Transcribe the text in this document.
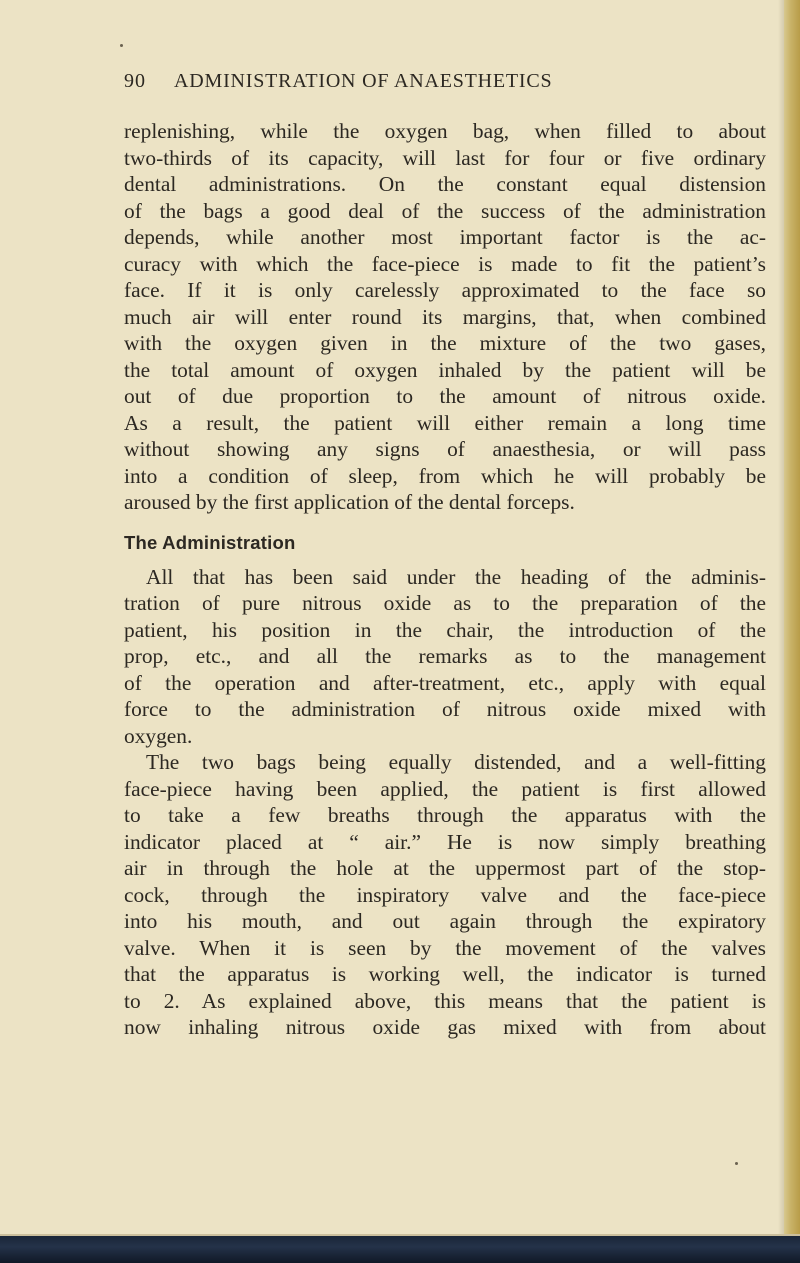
90 ADMINISTRATION OF ANAESTHETICS
replenishing, while the oxygen bag, when filled to about
two-thirds of its capacity, will last for four or five ordinary
dental administrations. On the constant equal distension
of the bags a good deal of the success of the administration
depends, while another most important factor is the ac-
curacy with which the face-piece is made to fit the patient’s
face. If it is only carelessly approximated to the face so
much air will enter round its margins, that, when combined
with the oxygen given in the mixture of the two gases,
the total amount of oxygen inhaled by the patient will be
out of due proportion to the amount of nitrous oxide.
As a result, the patient will either remain a long time
without showing any signs of anaesthesia, or will pass
into a condition of sleep, from which he will probably be
aroused by the first application of the dental forceps.
The Administration
All that has been said under the heading of the adminis-
tration of pure nitrous oxide as to the preparation of the
patient, his position in the chair, the introduction of the
prop, etc., and all the remarks as to the management
of the operation and after-treatment, etc., apply with equal
force to the administration of nitrous oxide mixed with
oxygen.
The two bags being equally distended, and a well-fitting
face-piece having been applied, the patient is first allowed
to take a few breaths through the apparatus with the
indicator placed at “ air.” He is now simply breathing
air in through the hole at the uppermost part of the stop-
cock, through the inspiratory valve and the face-piece
into his mouth, and out again through the expiratory
valve. When it is seen by the movement of the valves
that the apparatus is working well, the indicator is turned
to 2. As explained above, this means that the patient is
now inhaling nitrous oxide gas mixed with from about
